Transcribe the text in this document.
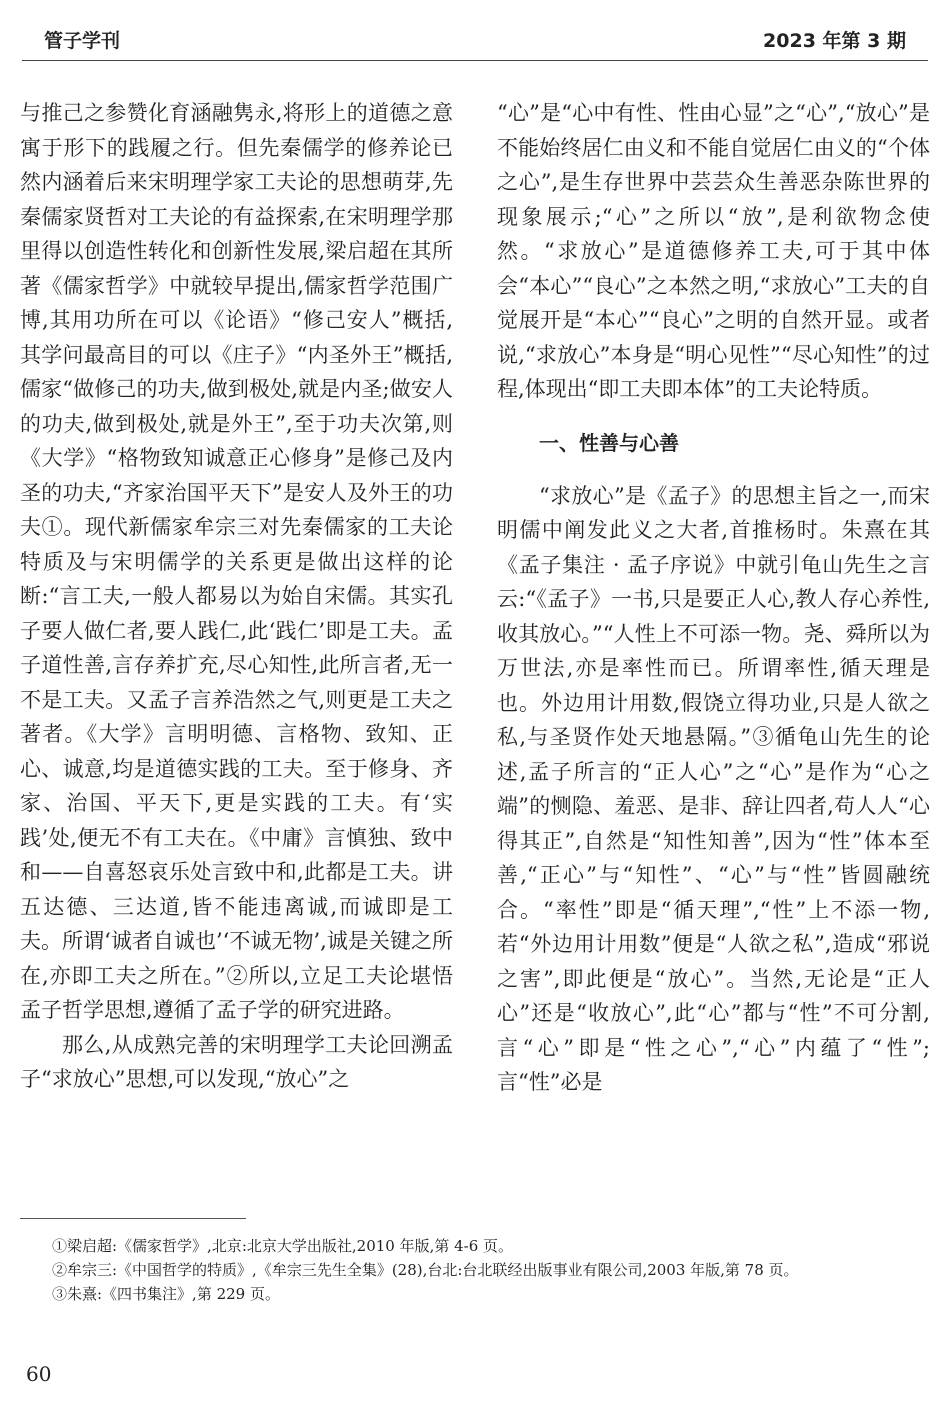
管子学刊	2023 年第 3 期

与推己之参赞化育涵融隽永,将形上的道德之意寓于形下的践履之行。但先秦儒学的修养论已然内涵着后来宋明理学家工夫论的思想萌芽,先秦儒家贤哲对工夫论的有益探索,在宋明理学那里得以创造性转化和创新性发展,梁启超在其所著《儒家哲学》中就较早提出,儒家哲学范围广博,其用功所在可以《论语》“修己安人”概括,其学问最高目的可以《庄子》“内圣外王”概括,儒家“做修己的功夫,做到极处,就是内圣;做安人的功夫,做到极处,就是外王”,至于功夫次第,则《大学》“格物致知诚意正心修身”是修己及内圣的功夫,“齐家治国平天下”是安人及外王的功夫①。现代新儒家牟宗三对先秦儒家的工夫论特质及与宋明儒学的关系更是做出这样的论断:“言工夫,一般人都易以为始自宋儒。其实孔子要人做仁者,要人践仁,此‘践仁’即是工夫。孟子道性善,言存养扩充,尽心知性,此所言者,无一不是工夫。又孟子言养浩然之气,则更是工夫之著者。《大学》言明明德、言格物、致知、正心、诚意,均是道德实践的工夫。至于修身、齐家、治国、平天下,更是实践的工夫。有‘实践’处,便无不有工夫在。《中庸》言慎独、致中和——自喜怒哀乐处言致中和,此都是工夫。讲五达德、三达道,皆不能违离诚,而诚即是工夫。所谓‘诚者自诚也’‘不诚无物’,诚是关键之所在,亦即工夫之所在。”②所以,立足工夫论堪悟孟子哲学思想,遵循了孟子学的研究进路。

那么,从成熟完善的宋明理学工夫论回溯孟子“求放心”思想,可以发现,“放心”之

“心”是“心中有性、性由心显”之“心”,“放心”是不能始终居仁由义和不能自觉居仁由义的“个体之心”,是生存世界中芸芸众生善恶杂陈世界的现象展示;“心”之所以“放”,是利欲物念使然。“求放心”是道德修养工夫,可于其中体会“本心”“良心”之本然之明,“求放心”工夫的自觉展开是“本心”“良心”之明的自然开显。或者说,“求放心”本身是“明心见性”“尽心知性”的过程,体现出“即工夫即本体”的工夫论特质。

一、性善与心善

“求放心”是《孟子》的思想主旨之一,而宋明儒中阐发此义之大者,首推杨时。朱熹在其《孟子集注 · 孟子序说》中就引龟山先生之言云:“《孟子》一书,只是要正人心,教人存心养性,收其放心。”“人性上不可添一物。尧、舜所以为万世法,亦是率性而已。所谓率性,循天理是也。外边用计用数,假饶立得功业,只是人欲之私,与圣贤作处天地悬隔。”③循龟山先生的论述,孟子所言的“正人心”之“心”是作为“心之端”的恻隐、羞恶、是非、辞让四者,苟人人“心得其正”,自然是“知性知善”,因为“性”体本至善,“正心”与“知性”、“心”与“性”皆圆融统合。“率性”即是“循天理”,“性”上不添一物,若“外边用计用数”便是“人欲之私”,造成“邪说之害”,即此便是“放心”。当然,无论是“正人心”还是“收放心”,此“心”都与“性”不可分割,言“心”即是“性之心”,“心”内蕴了“性”;言“性”必是

①梁启超:《儒家哲学》,北京:北京大学出版社,2010 年版,第 4-6 页。

②牟宗三:《中国哲学的特质》,《牟宗三先生全集》(28),台北:台北联经出版事业有限公司,2003 年版,第 78 页。

③朱熹:《四书集注》,第 229 页。

60
